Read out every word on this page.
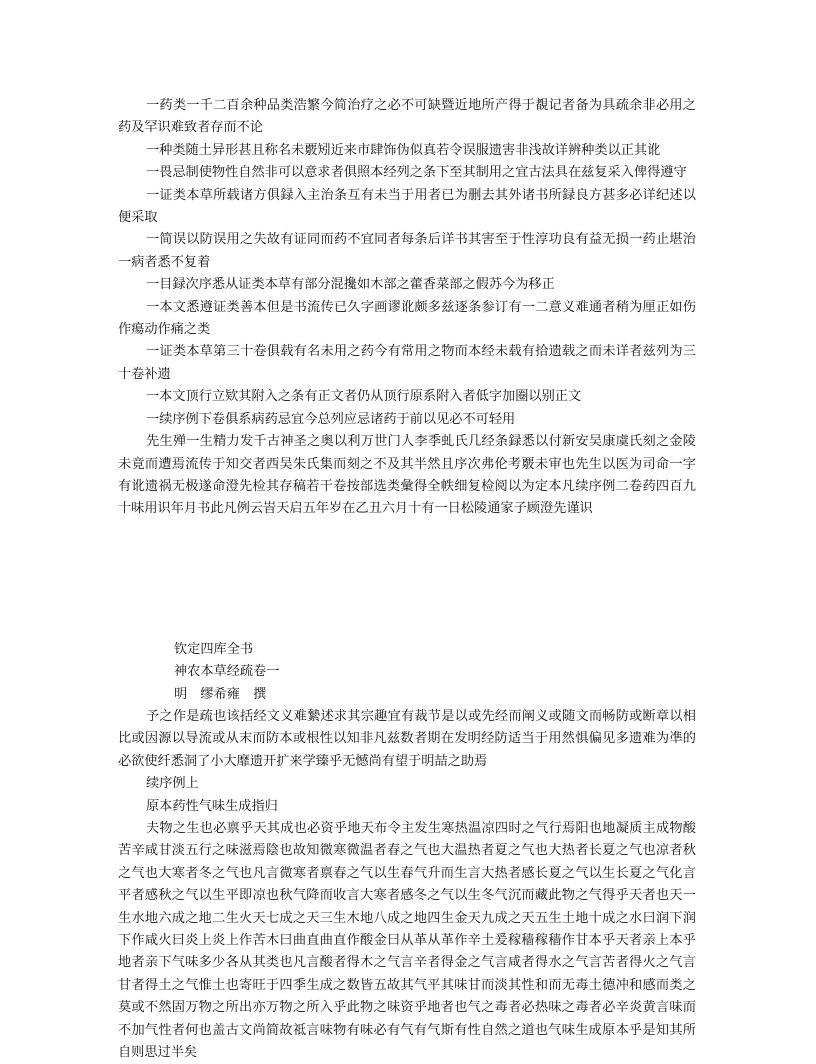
一药类一千二百余种品类浩繁今简治疗之必不可缺暨近地所产得于覩记者备为具疏余非必用之药及罕识难致者存而不论

一种类随土异形甚且称名未覈矧近来市肆饰伪似真若令误服遗害非浅故详辨种类以正其讹

一畏忌制使物性自然非可以意求者俱照本经列之条下至其制用之宜古法具在兹复采入俾得遵守

一证类本草所载诸方俱録入主治条互有未当于用者已为删去其外诸书所録良方甚多必详纪述以便采取

一简误以防误用之失故有证同而药不宜同者每条后详书其害至于性淳功良有益无损一药止堪治一病者悉不复着

一目録次序悉从证类本草有部分混攙如木部之藿香菜部之假苏今为移正

一本文悉遵证类善本但是书流传已久字画谬讹颇多兹逐条参订有一二意义难通者稍为厘正如伤作瘍动作痛之类

一证类本草第三十卷俱载有名未用之药今有常用之物而本经未载有拾遗载之而未详者兹列为三十卷补遗

一本文顶行立欵其附入之条有正文者仍从顶行原系附入者低字加圈以别正文

一续序例下卷俱系病药忌宜今总列应忌诸药于前以见必不可轻用

先生殚一生精力发千古神圣之奥以利万世门人李季虬氏几经条録悉以付新安吴康虞氏刻之金陵未竟而遭焉流传于知交者西吴朱氏集而刻之不及其半然且序次弗伦考覈未审也先生以医为司命一字有讹遗祸无极遂命澄先检其存稿若干卷按部选类彙得全帙细复检阅以为定本凡续序例二卷药四百九十味用识年月书此凡例云峕天启五年岁在乙丑六月十有一日松陵通家子顾澄先谨识

钦定四库全书

神农本草经疏卷一

明　缪希雍　撰

予之作是疏也该括经文义难縶述求其宗趣宜有裁节是以或先经而阐义或随文而畅防或断章以相比或因源以导流或从末而防本或根性以知非凡兹数者期在发明经防适当于用然惧偏见多遗难为凖的必欲使纤悉洞了小大靡遗开扩来学臻乎无憾尚有望于明喆之助焉

续序例上

原本药性气味生成指归

夫物之生也必禀乎天其成也必资乎地天布令主发生寒热温凉四时之气行焉阳也地凝质主成物酸苦辛咸甘淡五行之味滋焉陰也故知微寒微温者春之气也大温热者夏之气也大热者长夏之气也凉者秋之气也大寒者冬之气也凡言微寒者禀春之气以生春气升而生言大热者感长夏之气以生长夏之气化言平者感秋之气以生平即凉也秋气降而收言大寒者感冬之气以生冬气沉而藏此物之气得乎天者也天一生水地六成之地二生火天七成之天三生木地八成之地四生金天九成之天五生土地十成之水曰润下润下作咸火曰炎上炎上作苦木曰曲直曲直作酸金曰从革从革作辛土爰稼穑稼穑作甘本乎天者亲上本乎地者亲下气味多少各从其类也凡言酸者得木之气言辛者得金之气言咸者得水之气言苦者得火之气言甘者得土之气惟土也寄旺于四季生成之数皆五故其气平其味甘而淡其性和而无毒土德冲和感而类之莫或不然固万物之所出亦万物之所入乎此物之味资乎地者也气之毒者必热味之毒者必辛炎黄言味而不加气性者何也盖古文尚简故祗言味物有味必有气有气斯有性自然之道也气味生成原本乎是知其所自则思过半矣
